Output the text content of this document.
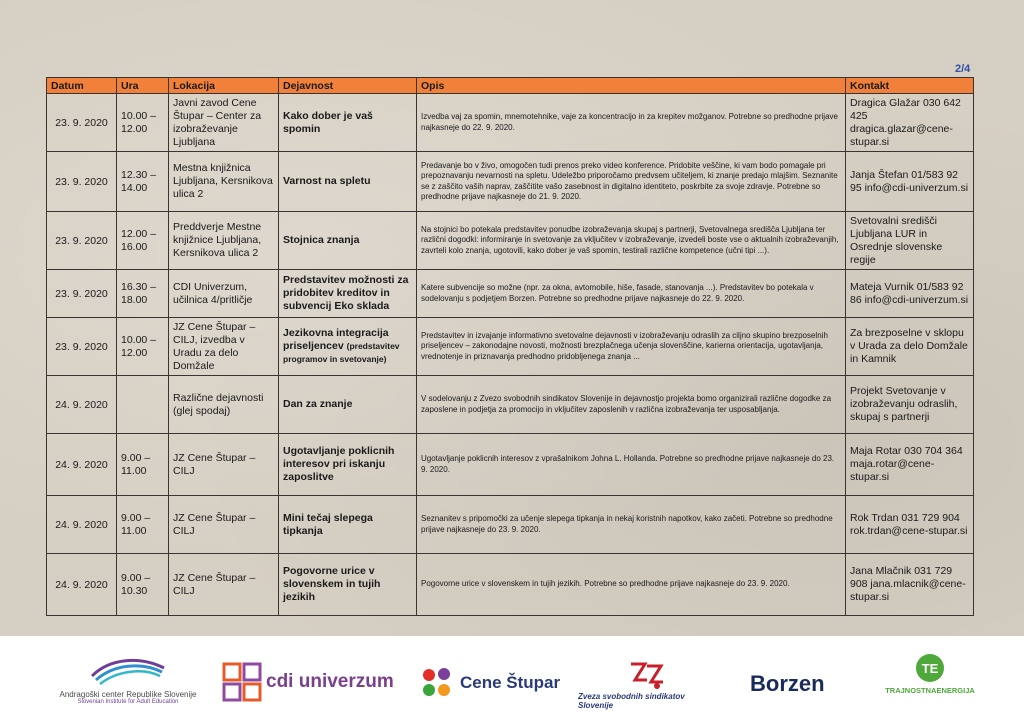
2/4
Datum	Ura	Lokacija	Dejavnost	Opis	Kontakt
23. 9. 2020	10.00 – 12.00	Javni zavod Cene Štupar – Center za izobraževanje Ljubljana	Kako dober je vaš spomin	Izvedba vaj za spomin, mnemotehnike, vaje za koncentracijo in za krepitev možganov. Potrebne so predhodne prijave najkasneje do 22. 9. 2020.	Dragica Glažar 030 642 425 dragica.glazar@cene-stupar.si
23. 9. 2020	12.30 – 14.00	Mestna knjižnica Ljubljana, Kersnikova ulica 2	Varnost na spletu	Predavanje bo v živo, omogočen tudi prenos preko video konference. Pridobite veščine, ki vam bodo pomagale pri prepoznavanju nevarnosti na spletu. Udeležbo priporočamo predvsem učiteljem, ki znanje predajo mlajšim. Seznanite se z zaščito vaših naprav, zaščitite vašo zasebnost in digitalno identiteto, poskrbite za svoje zdravje. Potrebne so predhodne prijave najkasneje do 21. 9. 2020.	Janja Štefan 01/583 92 95 info@cdi-univerzum.si
23. 9. 2020	12.00 – 16.00	Preddverje Mestne knjižnice Ljubljana, Kersnikova ulica 2	Stojnica znanja	Na stojnici bo potekala predstavitev ponudbe izobraževanja skupaj s partnerji, Svetovalnega središča Ljubljana ter različni dogodki: informiranje in svetovanje za vključitev v izobraževanje, izvedeli boste vse o aktualnih izobraževanjih, zavrteli kolo znanja, ugotovili, kako dober je vaš spomin, testirali različne kompetence (učni tipi ...).	Svetovalni središči Ljubljana LUR in Osrednje slovenske regije
23. 9. 2020	16.30 – 18.00	CDI Univerzum, učilnica 4/pritličje	Predstavitev možnosti za pridobitev kreditov in subvencij Eko sklada	Katere subvencije so možne (npr. za okna, avtomobile, hiše, fasade, stanovanja ...). Predstavitev bo potekala v sodelovanju s podjetjem Borzen. Potrebne so predhodne prijave najkasneje do 22. 9. 2020.	Mateja Vurnik 01/583 92 86 info@cdi-univerzum.si
23. 9. 2020	10.00 – 12.00	JZ Cene Štupar – CILJ, izvedba v Uradu za delo Domžale	Jezikovna integracija priseljencev (predstavitev programov in svetovanje)	Predstavitev in izvajanje informativno svetovalne dejavnosti v izobraževanju odraslih za ciljno skupino brezposelnih priseljencev – zakonodajne novosti, možnosti brezplačnega učenja slovenščine, karierna orientacija, ugotavljanja, vrednotenje in priznavanja predhodno pridobljenega znanja ...	Za brezposelne v sklopu v Urada za delo Domžale in Kamnik
24. 9. 2020		Različne dejavnosti (glej spodaj)	Dan za znanje	V sodelovanju z Zvezo svobodnih sindikatov Slovenije in dejavnostjo projekta bomo organizirali različne dogodke za zaposlene in podjetja za promocijo in vključitev zaposlenih v različna izobraževanja ter usposabljanja.	Projekt Svetovanje v izobraževanju odraslih, skupaj s partnerji
24. 9. 2020	9.00 – 11.00	JZ Cene Štupar – CILJ	Ugotavljanje poklicnih interesov pri iskanju zaposlitve	Ugotavljanje poklicnih interesov z vprašalnikom Johna L. Hollanda. Potrebne so predhodne prijave najkasneje do 23. 9. 2020.	Maja Rotar 030 704 364 maja.rotar@cene-stupar.si
24. 9. 2020	9.00 – 11.00	JZ Cene Štupar – CILJ	Mini tečaj slepega tipkanja	Seznanitev s pripomočki za učenje slepega tipkanja in nekaj koristnih napotkov, kako začeti. Potrebne so predhodne prijave najkasneje do 23. 9. 2020.	Rok Trdan 031 729 904 rok.trdan@cene-stupar.si
24. 9. 2020	9.00 – 10.30	JZ Cene Štupar – CILJ	Pogovorne urice v slovenskem in tujih jezikih	Pogovorne urice v slovenskem in tujih jezikih. Potrebne so predhodne prijave najkasneje do 23. 9. 2020.	Jana Mlačnik 031 729 908 jana.mlacnik@cene-stupar.si
Andragoški center Republike Slovenije
Slovenian Institute for Adult Education
cdi univerzum	Cene Štupar
Zveza svobodnih sindikatov Slovenije
Borzen
TE
TRAJNOSTNAENERGIJA
